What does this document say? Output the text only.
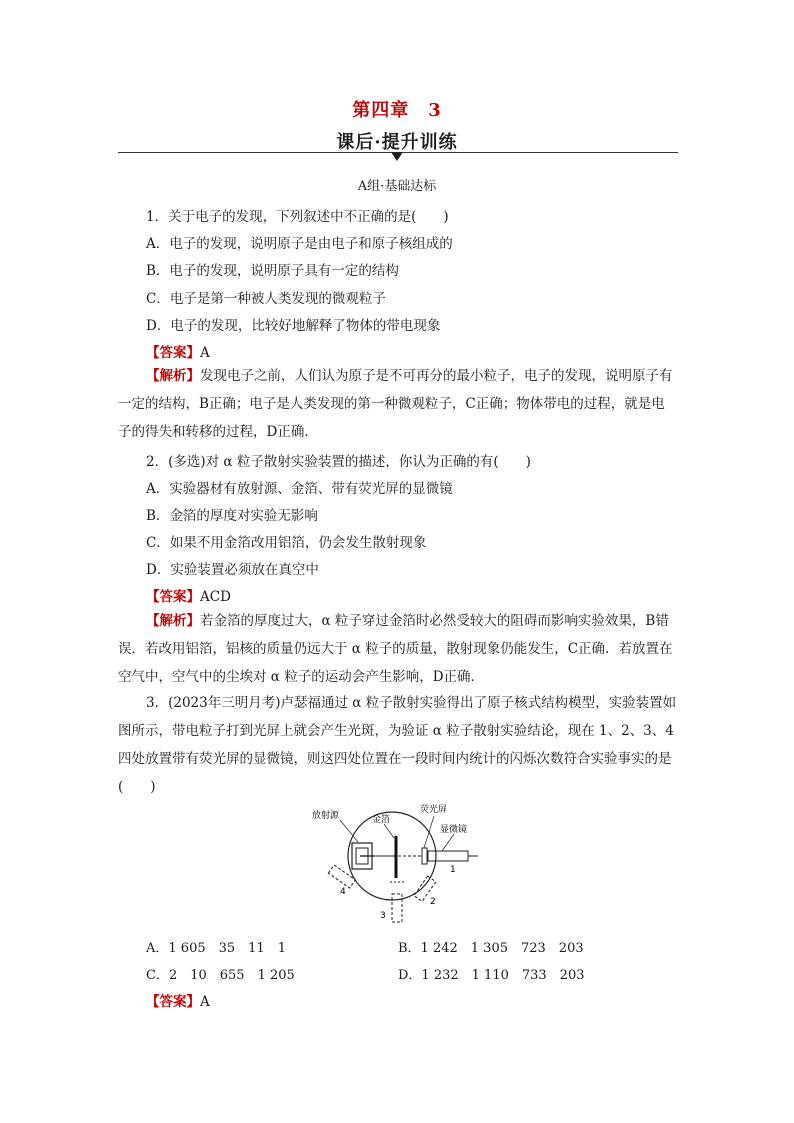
第四章　3
课后·提升训练
A组·基础达标
1．关于电子的发现，下列叙述中不正确的是(　　)
A．电子的发现，说明原子是由电子和原子核组成的
B．电子的发现，说明原子具有一定的结构
C．电子是第一种被人类发现的微观粒子
D．电子的发现，比较好地解释了物体的带电现象
【答案】A
【解析】发现电子之前，人们认为原子是不可再分的最小粒子，电子的发现，说明原子有一定的结构，B正确；电子是人类发现的第一种微观粒子，C正确；物体带电的过程，就是电子的得失和转移的过程，D正确．
2．(多选)对 α 粒子散射实验装置的描述，你认为正确的有(　　)
A．实验器材有放射源、金箔、带有荧光屏的显微镜
B．金箔的厚度对实验无影响
C．如果不用金箔改用铝箔，仍会发生散射现象
D．实验装置必须放在真空中
【答案】ACD
【解析】若金箔的厚度过大，α 粒子穿过金箔时必然受较大的阻碍而影响实验效果，B错误．若改用铝箔，铝核的质量仍远大于 α 粒子的质量，散射现象仍能发生，C正确．若放置在空气中，空气中的尘埃对 α 粒子的运动会产生影响，D正确．
3．(2023年三明月考)卢瑟福通过 α 粒子散射实验得出了原子核式结构模型，实验装置如图所示，带电粒子打到光屏上就会产生光斑，为验证 α 粒子散射实验结论，现在 1、2、3、4 四处放置带有荧光屏的显微镜，则这四处位置在一段时间内统计的闪烁次数符合实验事实的是(　　)
放射源	金箔
荧光屏
显微镜
1
2
3
4
A．1 605　35　11　1	B．1 242　1 305　723　203
C．2　10　655　1 205	D．1 232　1 110　733　203
【答案】A
